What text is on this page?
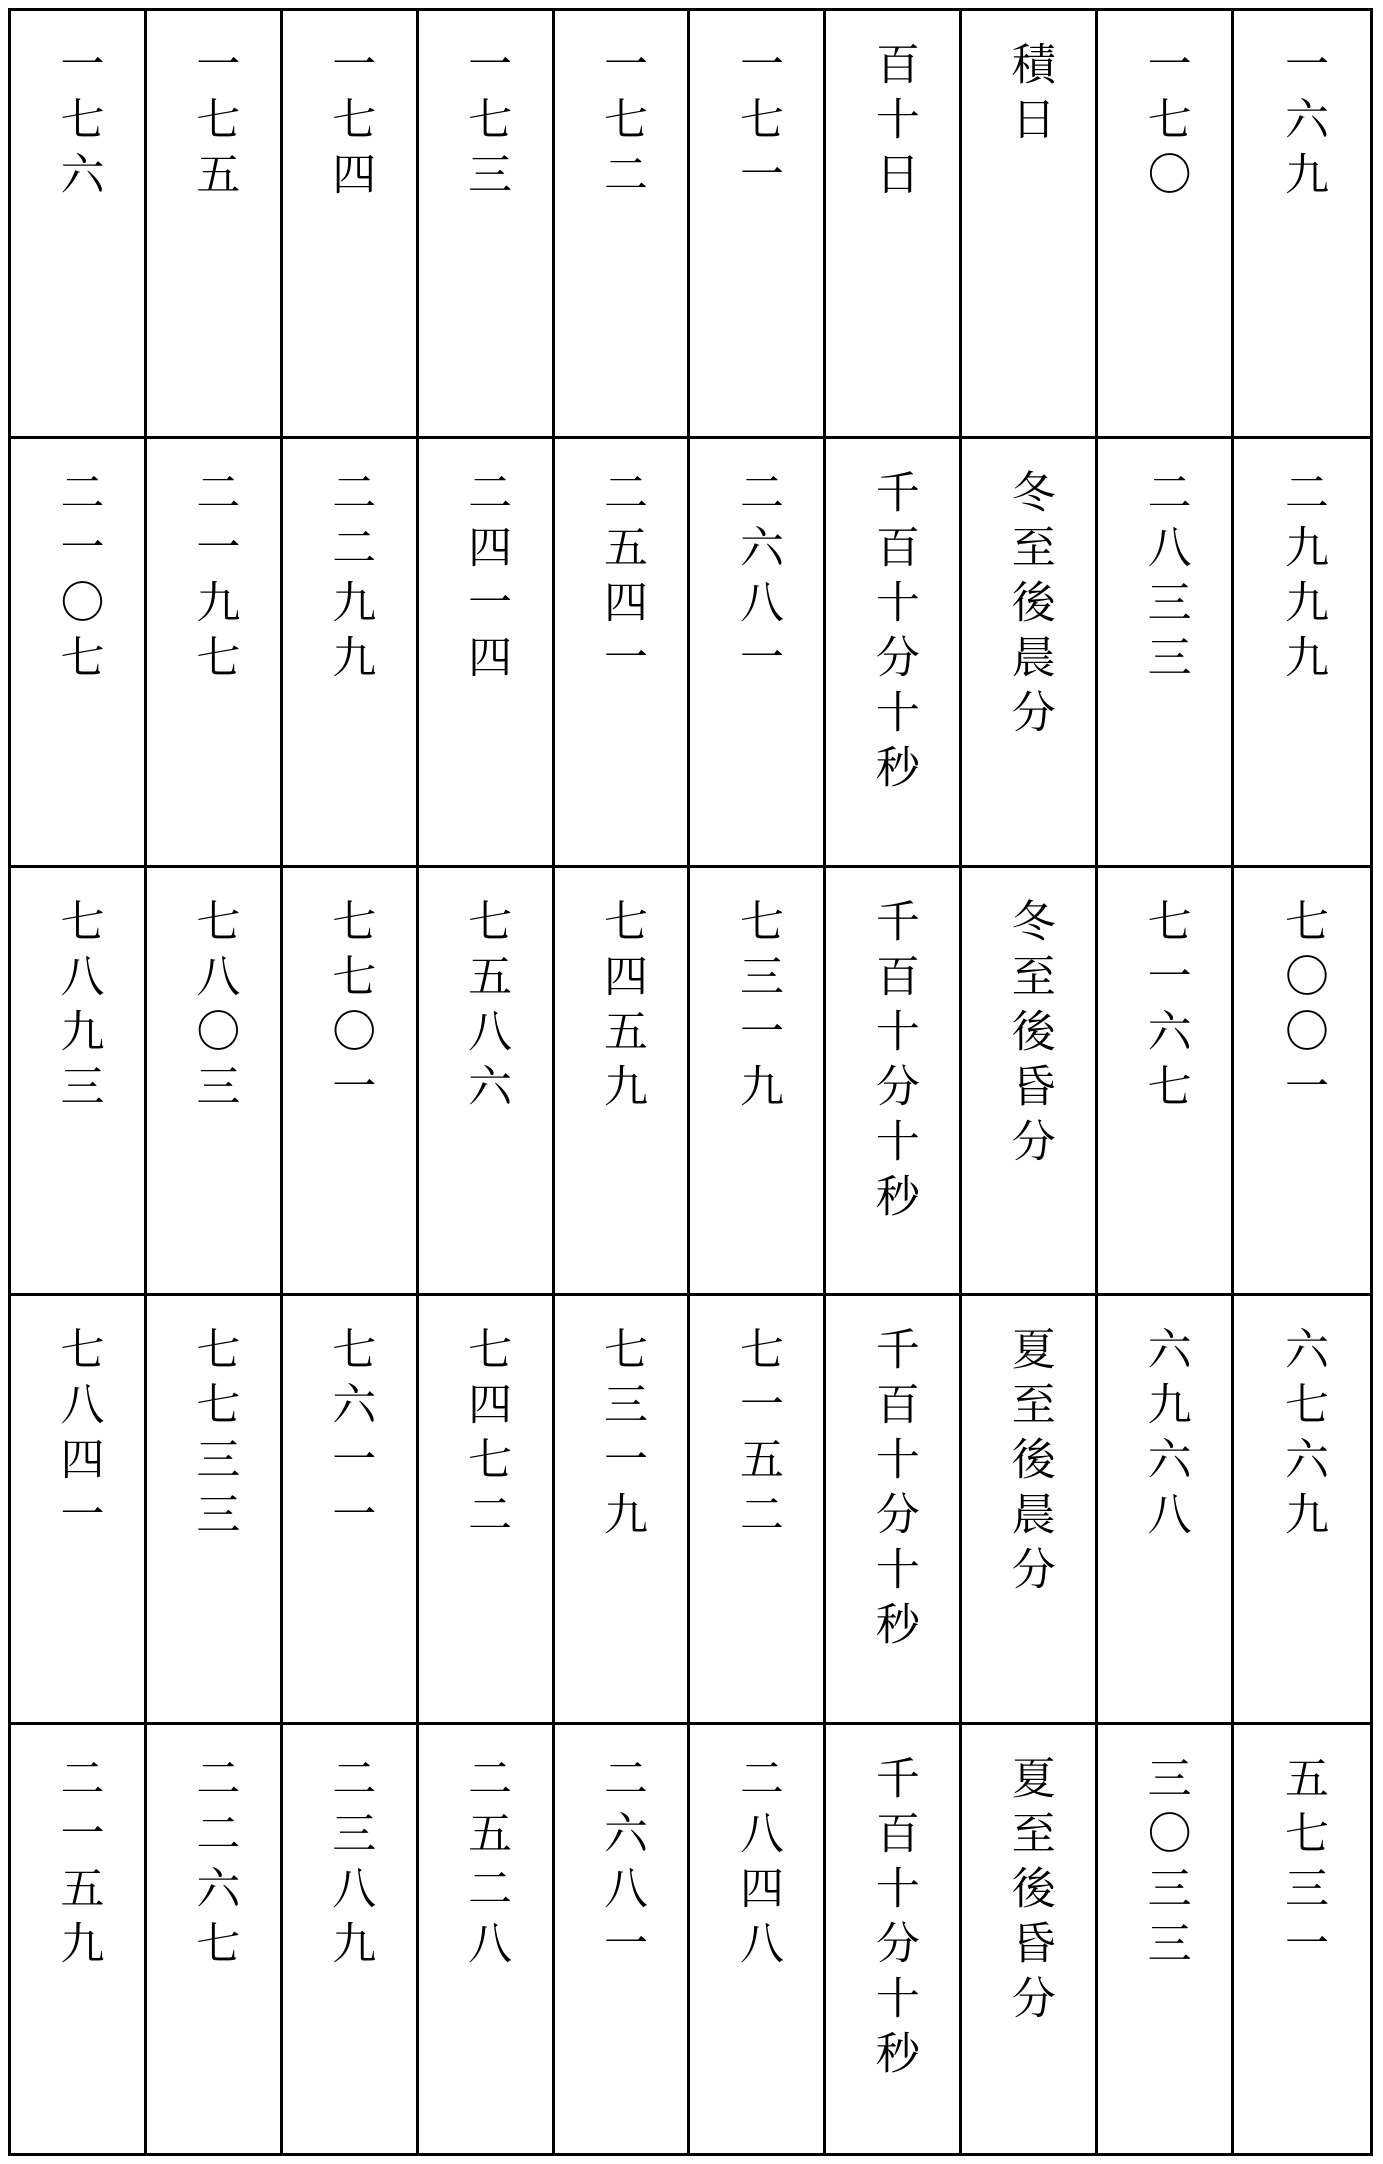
一七六 一七五 一七四 一七三 一七二 一七一 百十日 積日 一七〇 一六九
二一〇七 二一九七 二二九九 二四一四 二五四一 二六八一 千百十分十秒 冬至後晨分 二八三三 二九九九
七八九三 七八〇三 七七〇一 七五八六 七四五九 七三一九 千百十分十秒 冬至後昏分 七一六七 七〇〇一
七八四一 七七三三 七六一一 七四七二 七三一九 七一五二 千百十分十秒 夏至後晨分 六九六八 六七六九
二一五九 二二六七 二三八九 二五二八 二六八一 二八四八 千百十分十秒 夏至後昏分 三〇三三 五七三一
